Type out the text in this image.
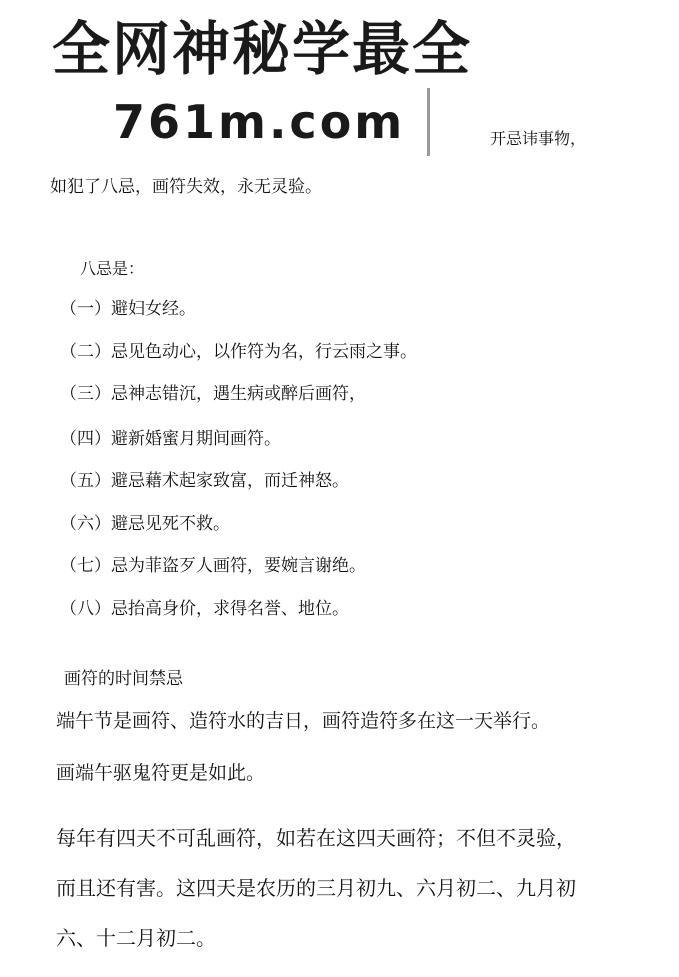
全网神秘学最全
761m.com	开忌讳事物，
如犯了八忌，画符失效，永无灵验。
八忌是：
（一）避妇女经。
（二）忌见色动心，以作符为名，行云雨之事。
（三）忌神志错沉，遇生病或醉后画符，
（四）避新婚蜜月期间画符。
（五）避忌藉术起家致富，而迁神怒。
（六）避忌见死不救。
（七）忌为菲盗歹人画符，要婉言谢绝。
（八）忌抬高身价，求得名誉、地位。
画符的时间禁忌
端午节是画符、造符水的吉日，画符造符多在这一天举行。
画端午驱鬼符更是如此。
每年有四天不可乱画符，如若在这四天画符；不但不灵验，
而且还有害。这四天是农历的三月初九、六月初二、九月初
六、十二月初二。
